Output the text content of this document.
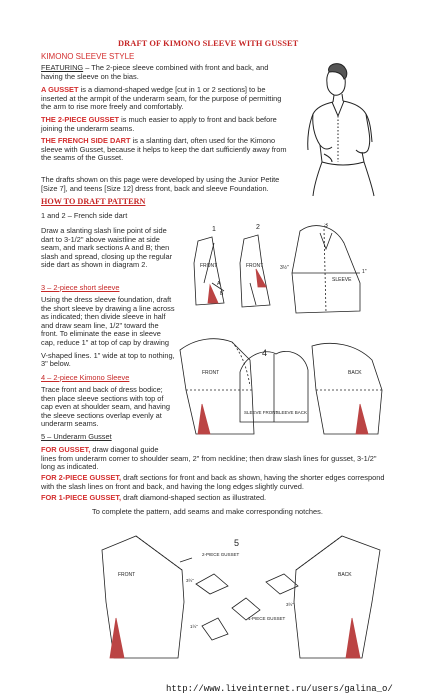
DRAFT OF KIMONO SLEEVE WITH GUSSET
KIMONO SLEEVE STYLE
FEATURING – The 2-piece sleeve combined with front and back, and
having the sleeve on the bias.
A GUSSET is a diamond-shaped wedge [cut in 1 or 2 sections] to be
inserted at the armpit of the underarm seam, for the purpose of permitting
the arm to rise more freely and comfortably.
THE 2-PIECE GUSSET is much easier to apply to front and back before
joining the underarm seams.
THE FRENCH SIDE DART is a slanting dart, often used for the Kimono
sleeve with Gusset, because it helps to keep the dart sufficiently away from
the seams of the Gusset.
The drafts shown on this page were developed by using the Junior Petite
[Size 7], and teens [Size 12] dress front, back and sleeve Foundation.
HOW TO DRAFT PATTERN
1 and 2 – French side dart
Draw a slanting slash line point of side
dart to 3-1/2" above waistline at side
seam, and mark sections A and B; then
slash and spread, closing up the regular
side dart as shown in diagram 2.
3 – 2-piece short sleeve
Using the dress sleeve foundation, draft
the short sleeve by drawing a line across
as indicated; then divide sleeve in half
and draw seam line, 1/2" toward the
front. To eliminate the ease in sleeve
cap, reduce 1" at top of cap by drawing
V-shaped lines. 1" wide at top to nothing,
3" below.
4 – 2-piece Kimono Sleeve
Trace front and back of dress bodice;
then place sleeve sections with top of
cap even at shoulder seam, and having
the sleeve sections overlap evenly at
underarm seams.
5 – Underarm Gusset
FOR GUSSET, draw diagonal guide
lines from underarm corner to shoulder seam, 2" from neckline; then draw slash lines for gusset, 3-1/2"
long as indicated.
FOR 2-PIECE GUSSET, draft sections for front and back as shown, having the shorter edges correspond
with the slash lines on front and back, and having the long edges slightly curved.
FOR 1-PIECE GUSSET, draft diamond-shaped section as illustrated.
To complete the pattern, add seams and make corresponding notches.
1	2	3
FRONT	FRONT
SLEEVE
A
B
3½"
1"
4
FRONT	BACK
SLEEVE FRONT
SLEEVE BACK
5
2-PIECE GUSSET
1-PIECE GUSSET
FRONT	BACK
3½"
1½"
3½"
http://www.liveinternet.ru/users/galina_o/
